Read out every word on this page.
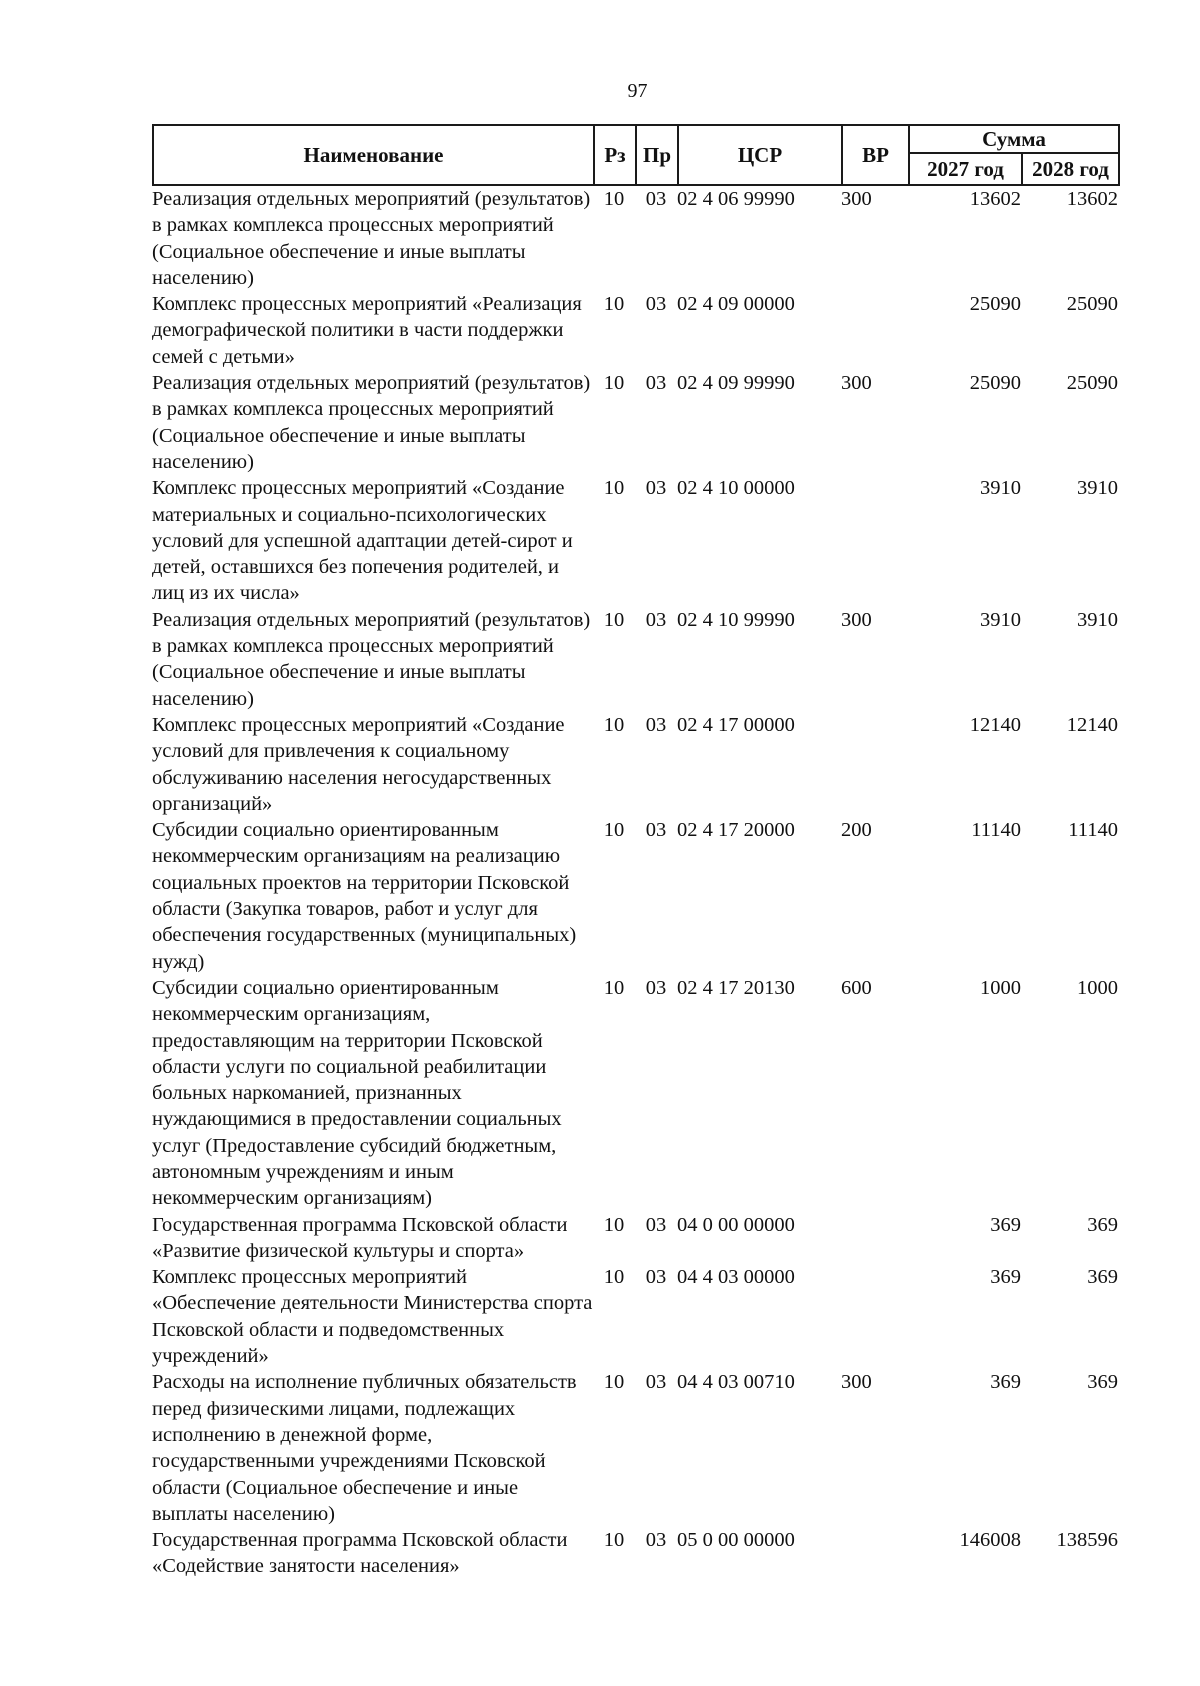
97
Наименование	Рз	Пр	ЦСР	ВР	Сумма	
					2027 год	2028 год
Реализация отдельных мероприятий (результатов) в рамках комплекса процессных мероприятий (Социальное обеспечение и иные выплаты населению)	10	03	02 4 06 99990	300	13602	13602
Комплекс процессных мероприятий «Реализация демографической политики в части поддержки семей с детьми»	10	03	02 4 09 00000		25090	25090
Реализация отдельных мероприятий (результатов) в рамках комплекса процессных мероприятий (Социальное обеспечение и иные выплаты населению)	10	03	02 4 09 99990	300	25090	25090
Комплекс процессных мероприятий «Создание материальных и социально-психологических условий для успешной адаптации детей-сирот и детей, оставшихся без попечения родителей, и лиц из их числа»	10	03	02 4 10 00000		3910	3910
Реализация отдельных мероприятий (результатов) в рамках комплекса процессных мероприятий (Социальное обеспечение и иные выплаты населению)	10	03	02 4 10 99990	300	3910	3910
Комплекс процессных мероприятий «Создание условий для привлечения к социальному обслуживанию населения негосударственных организаций»	10	03	02 4 17 00000		12140	12140
Субсидии социально ориентированным некоммерческим организациям на реализацию социальных проектов на территории Псковской области (Закупка товаров, работ и услуг для обеспечения государственных (муниципальных) нужд)	10	03	02 4 17 20000	200	11140	11140
Субсидии социально ориентированным некоммерческим организациям, предоставляющим на территории Псковской области услуги по социальной реабилитации больных наркоманией, признанных нуждающимися в предоставлении социальных услуг (Предоставление субсидий бюджетным, автономным учреждениям и иным некоммерческим организациям)	10	03	02 4 17 20130	600	1000	1000
Государственная программа Псковской области «Развитие физической культуры и спорта»	10	03	04 0 00 00000		369	369
Комплекс процессных мероприятий «Обеспечение деятельности Министерства спорта Псковской области и подведомственных учреждений»	10	03	04 4 03 00000		369	369
Расходы на исполнение публичных обязательств перед физическими лицами, подлежащих исполнению в денежной форме, государственными учреждениями Псковской области (Социальное обеспечение и иные выплаты населению)	10	03	04 4 03 00710	300	369	369
Государственная программа Псковской области «Содействие занятости населения»	10	03	05 0 00 00000		146008	138596
